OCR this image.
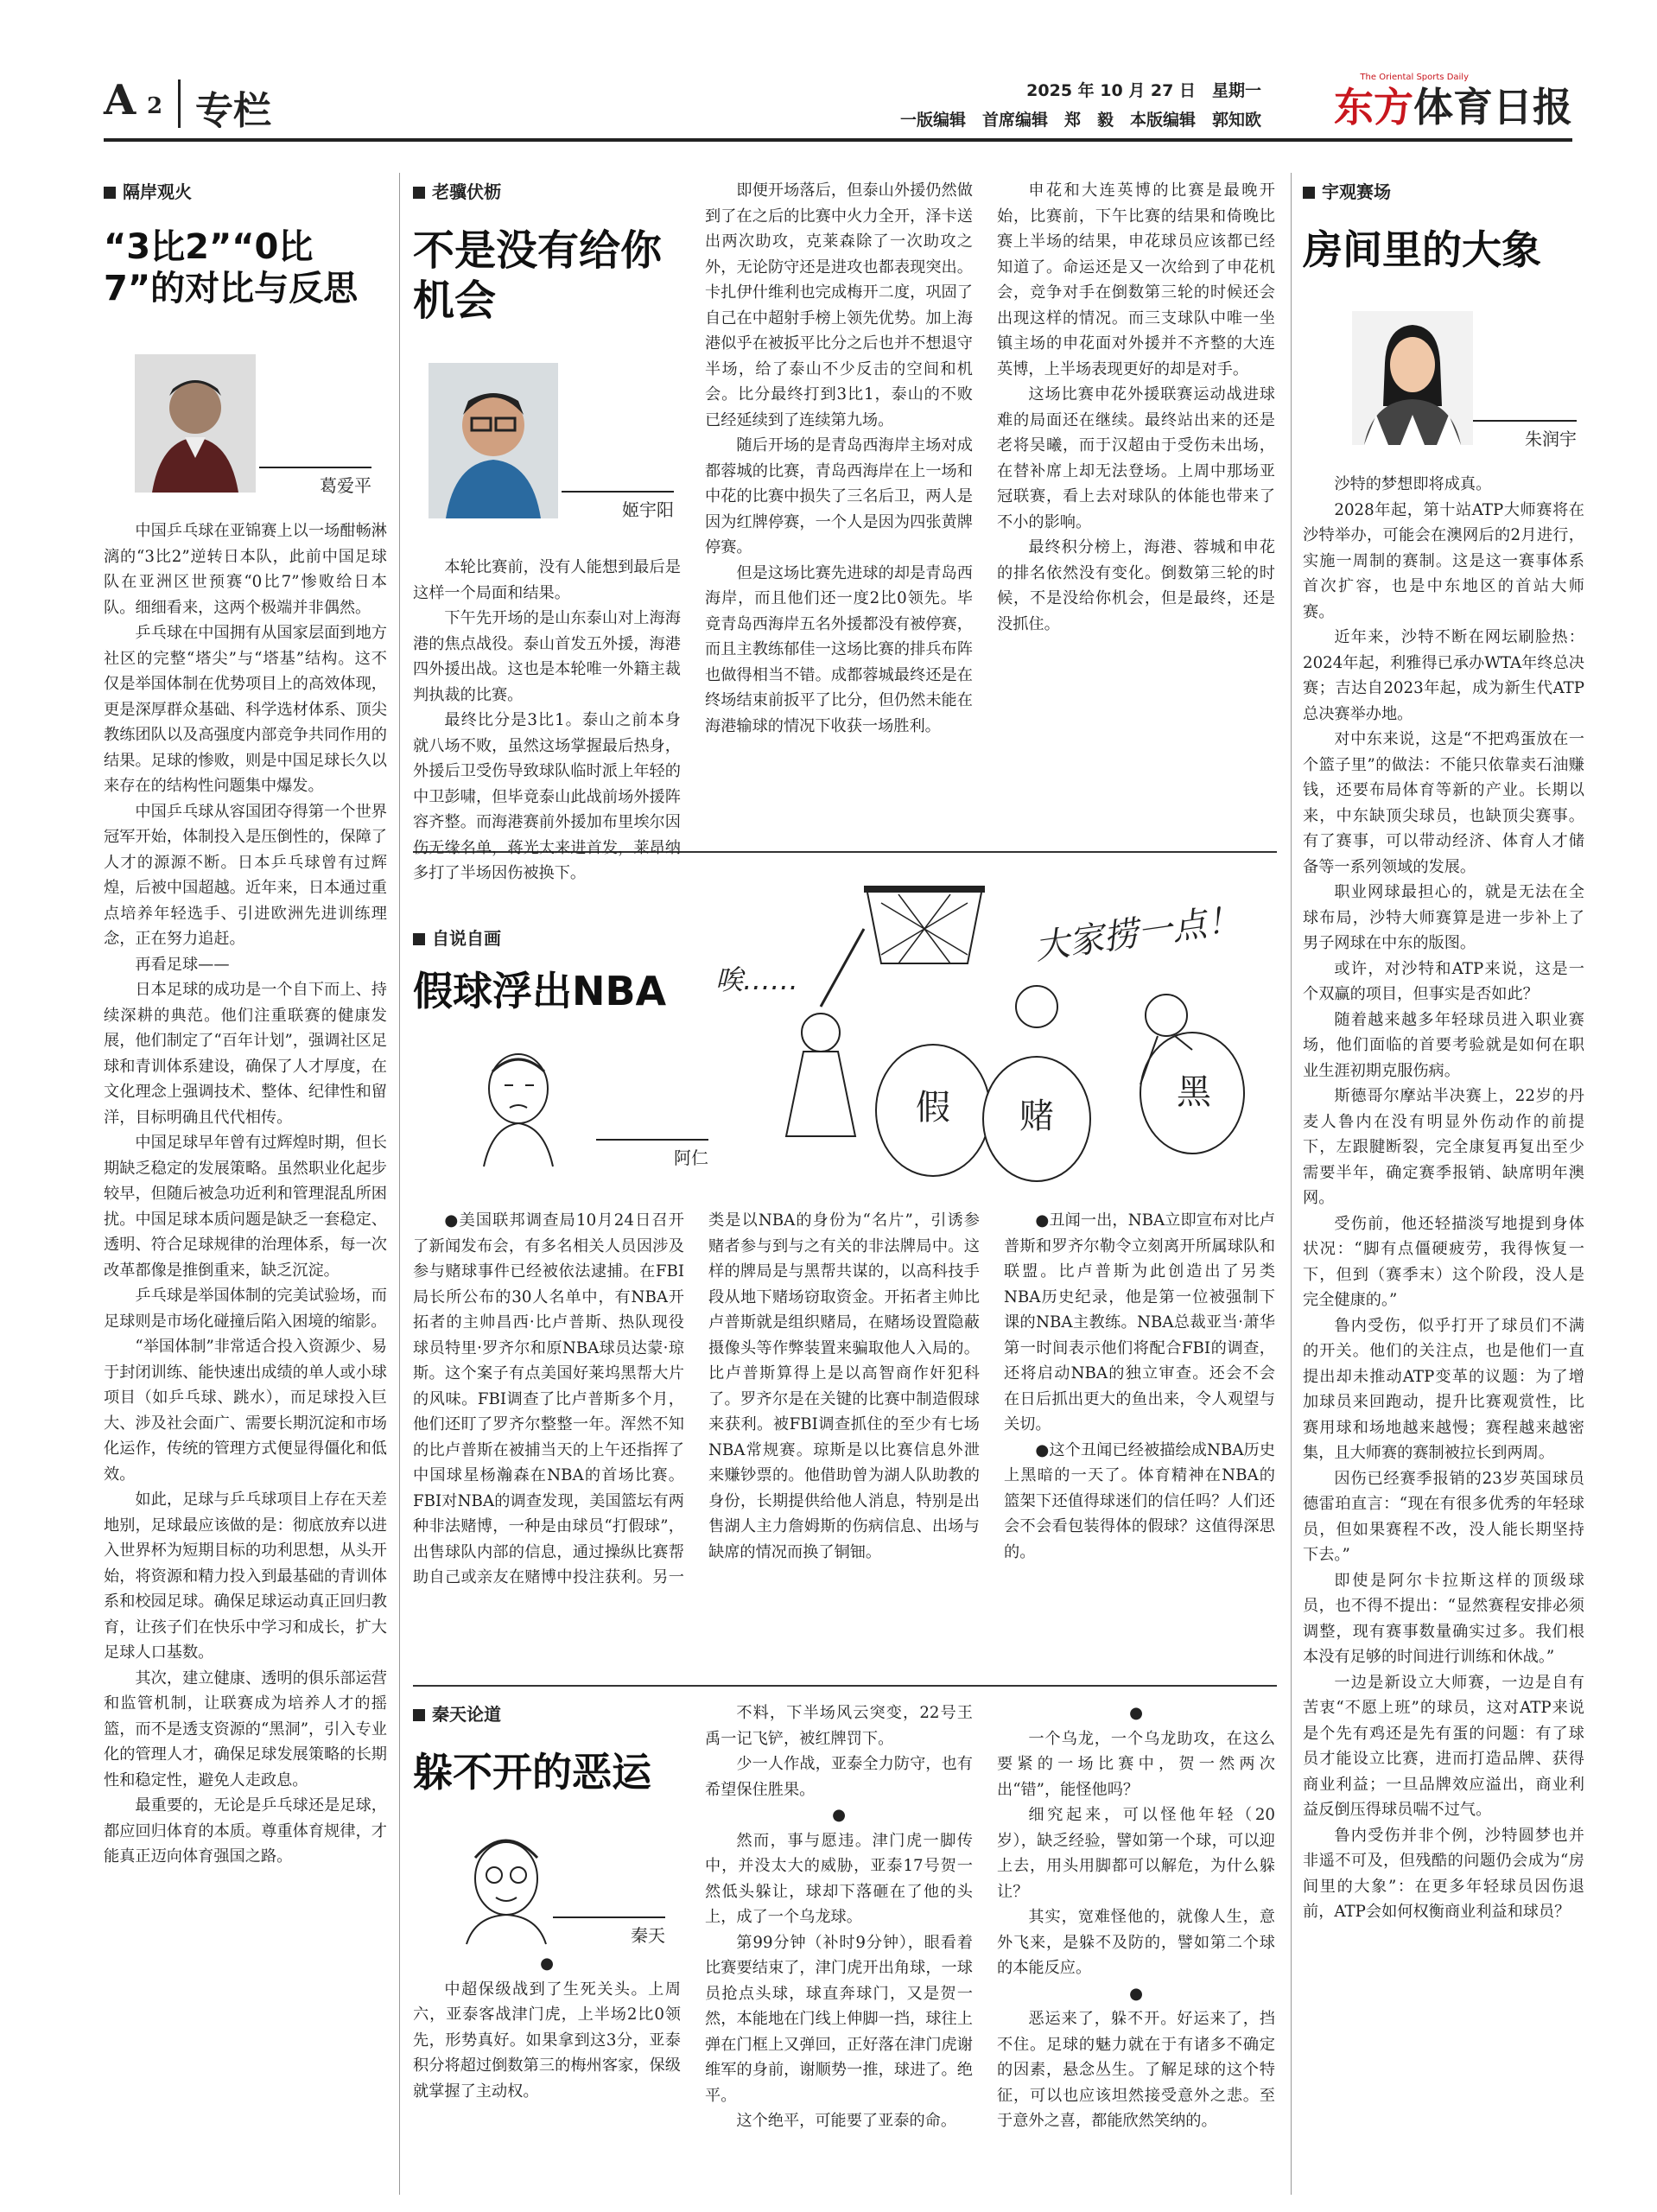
A 2 专栏	2025 年 10 月 27 日　星期一
一版编辑　首席编辑　郑　毅　本版编辑　郭知欧
The Oriental Sports Daily
东方体育日报
隔岸观火
“3比2”“0比7”的对比与反思
葛爱平

中国乒乓球在亚锦赛上以一场酣畅淋漓的“3比2”逆转日本队，此前中国足球队在亚洲区世预赛“0比7”惨败给日本队。细细看来，这两个极端并非偶然。

乒乓球在中国拥有从国家层面到地方社区的完整“塔尖”与“塔基”结构。这不仅是举国体制在优势项目上的高效体现，更是深厚群众基础、科学选材体系、顶尖教练团队以及高强度内部竞争共同作用的结果。足球的惨败，则是中国足球长久以来存在的结构性问题集中爆发。

中国乒乓球从容国团夺得第一个世界冠军开始，体制投入是压倒性的，保障了人才的源源不断。日本乒乓球曾有过辉煌，后被中国超越。近年来，日本通过重点培养年轻选手、引进欧洲先进训练理念，正在努力追赶。

再看足球——

日本足球的成功是一个自下而上、持续深耕的典范。他们注重联赛的健康发展，他们制定了“百年计划”，强调社区足球和青训体系建设，确保了人才厚度，在文化理念上强调技术、整体、纪律性和留洋，目标明确且代代相传。

中国足球早年曾有过辉煌时期，但长期缺乏稳定的发展策略。虽然职业化起步较早，但随后被急功近利和管理混乱所困扰。中国足球本质问题是缺乏一套稳定、透明、符合足球规律的治理体系，每一次改革都像是推倒重来，缺乏沉淀。

乒乓球是举国体制的完美试验场，而足球则是市场化碰撞后陷入困境的缩影。

“举国体制”非常适合投入资源少、易于封闭训练、能快速出成绩的单人或小球项目（如乒乓球、跳水），而足球投入巨大、涉及社会面广、需要长期沉淀和市场化运作，传统的管理方式便显得僵化和低效。

如此，足球与乒乓球项目上存在天差地别，足球最应该做的是：彻底放弃以进入世界杯为短期目标的功利思想，从头开始，将资源和精力投入到最基础的青训体系和校园足球。确保足球运动真正回归教育，让孩子们在快乐中学习和成长，扩大足球人口基数。

其次，建立健康、透明的俱乐部运营和监管机制，让联赛成为培养人才的摇篮，而不是透支资源的“黑洞”，引入专业化的管理人才，确保足球发展策略的长期性和稳定性，避免人走政息。

最重要的，无论是乒乓球还是足球，都应回归体育的本质。尊重体育规律，才能真正迈向体育强国之路。

老骥伏枥
不是没有给你机会
姬宇阳

本轮比赛前，没有人能想到最后是这样一个局面和结果。

下午先开场的是山东泰山对上海海港的焦点战役。泰山首发五外援，海港四外援出战。这也是本轮唯一外籍主裁判执裁的比赛。

最终比分是3比1。泰山之前本身就八场不败，虽然这场掌握最后热身，外援后卫受伤导致球队临时派上年轻的中卫彭啸，但毕竟泰山此战前场外援阵容齐整。而海港赛前外援加布里埃尔因伤无缘名单，蒋光太来进首发，莱昂纳多打了半场因伤被换下。

即便开场落后，但泰山外援仍然做到了在之后的比赛中火力全开，泽卡送出两次助攻，克莱森除了一次助攻之外，无论防守还是进攻也都表现突出。卡扎伊什维利也完成梅开二度，巩固了自己在中超射手榜上领先优势。加上海港似乎在被扳平比分之后也并不想退守半场，给了泰山不少反击的空间和机会。比分最终打到3比1，泰山的不败已经延续到了连续第九场。

随后开场的是青岛西海岸主场对成都蓉城的比赛，青岛西海岸在上一场和中花的比赛中损失了三名后卫，两人是因为红牌停赛，一个人是因为四张黄牌停赛。

但是这场比赛先进球的却是青岛西海岸，而且他们还一度2比0领先。毕竟青岛西海岸五名外援都没有被停赛，而且主教练郁佳一这场比赛的排兵布阵也做得相当不错。成都蓉城最终还是在终场结束前扳平了比分，但仍然未能在海港输球的情况下收获一场胜利。

申花和大连英博的比赛是最晚开始，比赛前，下午比赛的结果和倚晚比赛上半场的结果，申花球员应该都已经知道了。命运还是又一次给到了申花机会，竞争对手在倒数第三轮的时候还会出现这样的情况。而三支球队中唯一坐镇主场的申花面对外援并不齐整的大连英博，上半场表现更好的却是对手。

这场比赛申花外援联赛运动战进球难的局面还在继续。最终站出来的还是老将吴曦，而于汉超由于受伤未出场，在替补席上却无法登场。上周中那场亚冠联赛，看上去对球队的体能也带来了不小的影响。

最终积分榜上，海港、蓉城和申花的排名依然没有变化。倒数第三轮的时候，不是没给你机会，但是最终，还是没抓住。

宇观赛场
房间里的大象
朱润宇

沙特的梦想即将成真。

2028年起，第十站ATP大师赛将在沙特举办，可能会在澳网后的2月进行，实施一周制的赛制。这是这一赛事体系首次扩容，也是中东地区的首站大师赛。

近年来，沙特不断在网坛刷脸热：2024年起，利雅得已承办WTA年终总决赛；吉达自2023年起，成为新生代ATP总决赛举办地。

对中东来说，这是“不把鸡蛋放在一个篮子里”的做法：不能只依靠卖石油赚钱，还要布局体育等新的产业。长期以来，中东缺顶尖球员，也缺顶尖赛事。有了赛事，可以带动经济、体育人才储备等一系列领域的发展。

职业网球最担心的，就是无法在全球布局，沙特大师赛算是进一步补上了男子网球在中东的版图。

或许，对沙特和ATP来说，这是一个双赢的项目，但事实是否如此？

随着越来越多年轻球员进入职业赛场，他们面临的首要考验就是如何在职业生涯初期克服伤病。

斯德哥尔摩站半决赛上，22岁的丹麦人鲁内在没有明显外伤动作的前提下，左跟腱断裂，完全康复再复出至少需要半年，确定赛季报销、缺席明年澳网。

受伤前，他还轻描淡写地提到身体状况：“脚有点僵硬疲劳，我得恢复一下，但到（赛季末）这个阶段，没人是完全健康的。”

鲁内受伤，似乎打开了球员们不满的开关。他们的关注点，也是他们一直提出却未推动ATP变革的议题：为了增加球员来回跑动，提升比赛观赏性，比赛用球和场地越来越慢；赛程越来越密集，且大师赛的赛制被拉长到两周。

因伤已经赛季报销的23岁英国球员德雷珀直言：“现在有很多优秀的年轻球员，但如果赛程不改，没人能长期坚持下去。”

即使是阿尔卡拉斯这样的顶级球员，也不得不提出：“显然赛程安排必须调整，现有赛事数量确实过多。我们根本没有足够的时间进行训练和休战。”

一边是新设立大师赛，一边是自有苦衷“不愿上班”的球员，这对ATP来说是个先有鸡还是先有蛋的问题：有了球员才能设立比赛，进而打造品牌、获得商业利益；一旦品牌效应溢出，商业利益反倒压得球员喘不过气。

鲁内受伤并非个例，沙特圆梦也并非遥不可及，但残酷的问题仍会成为“房间里的大象”：在更多年轻球员因伤退前，ATP会如何权衡商业利益和球员？

自说自画
假球浮出NBA
阿仁
唉……
大家捞一点！
假 赌
黑

●美国联邦调查局10月24日召开了新闻发布会，有多名相关人员因涉及参与赌球事件已经被依法逮捕。在FBI局长所公布的30人名单中，有NBA开拓者的主帅昌西·比卢普斯、热队现役球员特里·罗齐尔和原NBA球员达蒙·琼斯。这个案子有点美国好莱坞黑帮大片的风味。FBI调查了比卢普斯多个月，他们还盯了罗齐尔整整一年。浑然不知的比卢普斯在被捕当天的上午还指挥了中国球星杨瀚森在NBA的首场比赛。FBI对NBA的调查发现，美国篮坛有两种非法赌博，一种是由球员“打假球”，出售球队内部的信息，通过操纵比赛帮助自己或亲友在赌博中投注获利。另一类是以NBA的身份为“名片”，引诱参赌者参与到与之有关的非法牌局中。这样的牌局是与黑帮共谋的，以高科技手段从地下赌场窃取资金。开拓者主帅比卢普斯就是组织赌局，在赌场设置隐蔽摄像头等作弊装置来骗取他人入局的。比卢普斯算得上是以高智商作奸犯科了。罗齐尔是在关键的比赛中制造假球来获利。被FBI调查抓住的至少有七场NBA常规赛。琼斯是以比赛信息外泄来赚钞票的。他借助曾为湖人队助教的身份，长期提供给他人消息，特别是出售湖人主力詹姆斯的伤病信息、出场与缺席的情况而换了铜钿。

●丑闻一出，NBA立即宣布对比卢普斯和罗齐尔勒令立刻离开所属球队和联盟。比卢普斯为此创造出了另类NBA历史纪录，他是第一位被强制下课的NBA主教练。NBA总裁亚当·萧华第一时间表示他们将配合FBI的调查，还将启动NBA的独立审查。还会不会在日后抓出更大的鱼出来，令人观望与关切。

●这个丑闻已经被描绘成NBA历史上黑暗的一天了。体育精神在NBA的篮架下还值得球迷们的信任吗？人们还会不会看包装得体的假球？这值得深思的。

秦天论道
躲不开的恶运
秦天

●

中超保级战到了生死关头。上周六，亚泰客战津门虎，上半场2比0领先，形势真好。如果拿到这3分，亚泰积分将超过倒数第三的梅州客家，保级就掌握了主动权。

不料，下半场风云突变，22号王禹一记飞铲，被红牌罚下。

少一人作战，亚泰全力防守，也有希望保住胜果。

●

然而，事与愿违。津门虎一脚传中，并没太大的威胁，亚泰17号贺一然低头躲让，球却下落砸在了他的头上，成了一个乌龙球。

第99分钟（补时9分钟），眼看着比赛要结束了，津门虎开出角球，一球员抢点头球，球直奔球门，又是贺一然，本能地在门线上伸脚一挡，球往上弹在门框上又弹回，正好落在津门虎谢维军的身前，谢顺势一推，球进了。绝平。

这个绝平，可能要了亚泰的命。

●

一个乌龙，一个乌龙助攻，在这么要紧的一场比赛中，贺一然两次出“错”，能怪他吗？

细究起来，可以怪他年轻（20岁），缺乏经验，譬如第一个球，可以迎上去，用头用脚都可以解危，为什么躲让？

其实，宽难怪他的，就像人生，意外飞来，是躲不及防的，譬如第二个球的本能反应。

●

恶运来了，躲不开。好运来了，挡不住。足球的魅力就在于有诸多不确定的因素，悬念丛生。了解足球的这个特征，可以也应该坦然接受意外之悲。至于意外之喜，都能欣然笑纳的。
